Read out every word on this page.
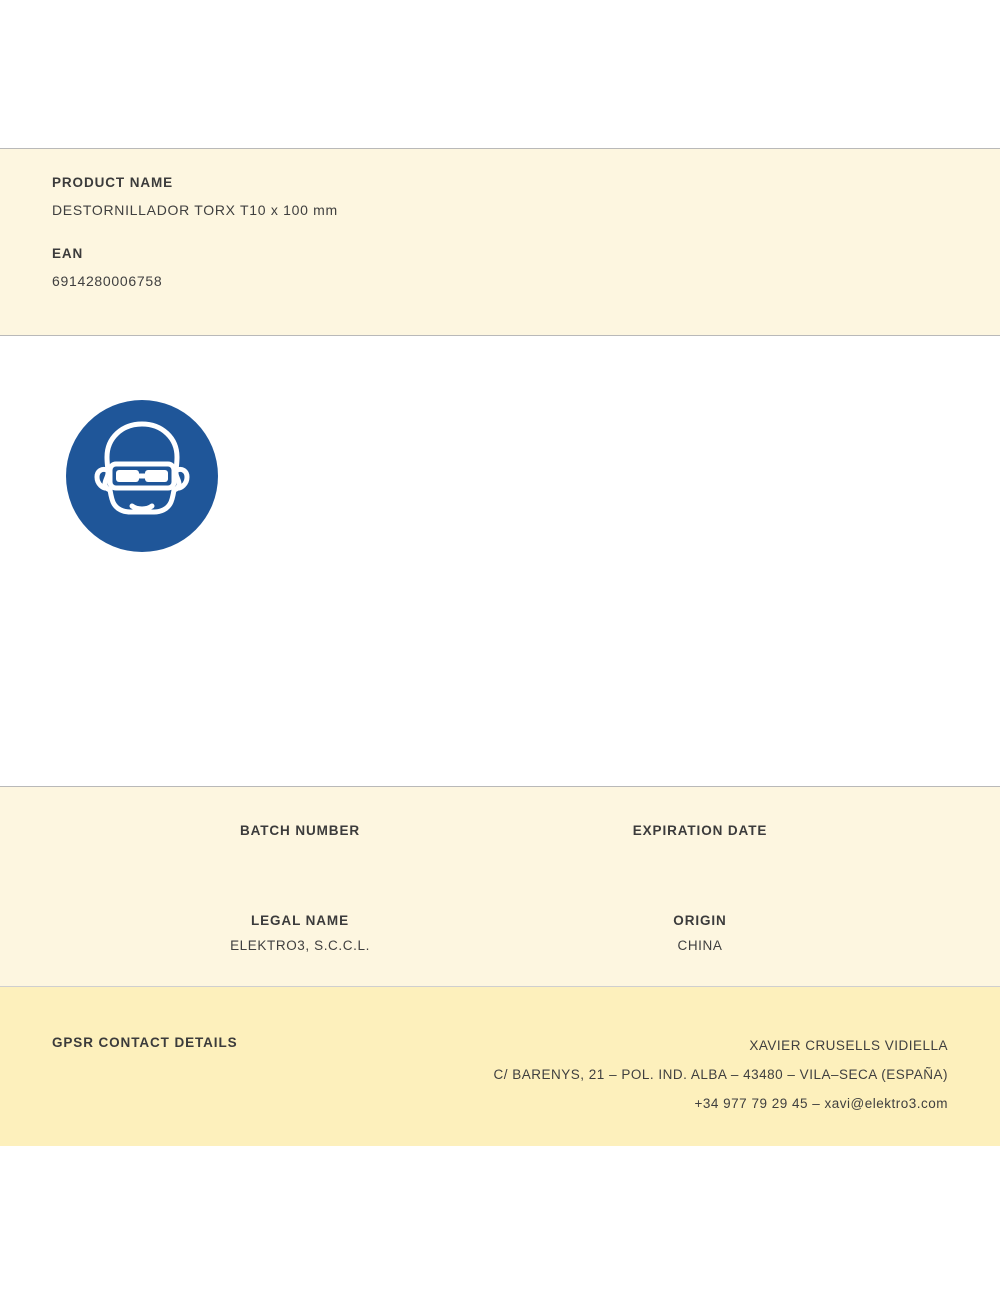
PRODUCT NAME
DESTORNILLADOR TORX T10 x 100 mm
EAN
6914280006758
BATCH NUMBER	EXPIRATION DATE
LEGAL NAME
ELEKTRO3, S.C.C.L.
ORIGIN
CHINA
GPSR CONTACT DETAILS	XAVIER CRUSELLS VIDIELLA
C/ BARENYS, 21 – POL. IND. ALBA – 43480 – VILA–SECA (ESPAÑA)
+34 977 79 29 45 – xavi@elektro3.com
